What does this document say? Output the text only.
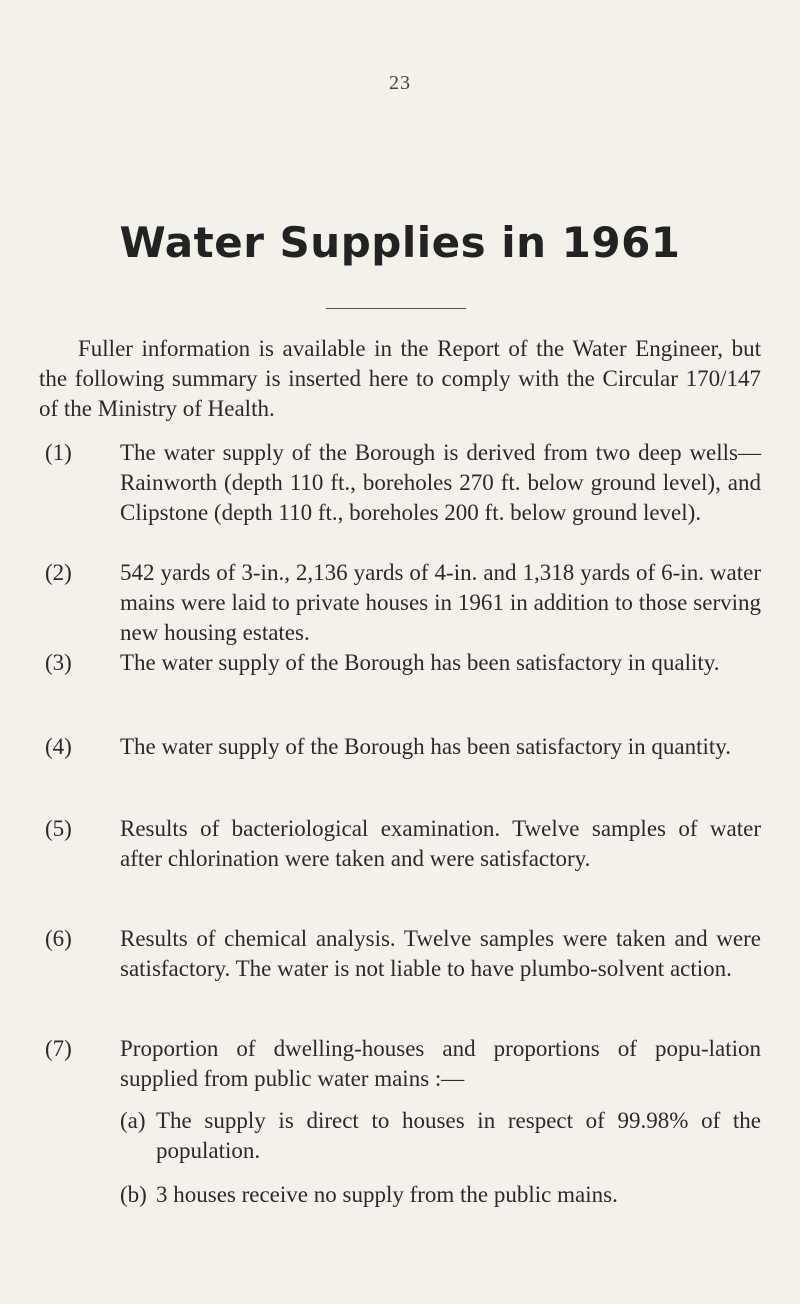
23
Water Supplies in 1961
Fuller information is available in the Report of the Water Engineer, but the following summary is inserted here to comply with the Circular 170/147 of the Ministry of Health.
(1)	The water supply of the Borough is derived from two deep wells—Rainworth (depth 110 ft., boreholes 270 ft. below ground level), and Clipstone (depth 110 ft., boreholes 200 ft. below ground level).
(2)	542 yards of 3-in., 2,136 yards of 4-in. and 1,318 yards of 6-in. water mains were laid to private houses in 1961 in addition to those serving new housing estates.
(3)	The water supply of the Borough has been satisfactory in quality.
(4)	The water supply of the Borough has been satisfactory in quantity.
(5)	Results of bacteriological examination. Twelve samples of water after chlorination were taken and were satisfactory.
(6)	Results of chemical analysis. Twelve samples were taken and were satisfactory. The water is not liable to have plumbo-solvent action.
(7)	Proportion of dwelling-houses and proportions of popu-lation supplied from public water mains :—
(a) The supply is direct to houses in respect of 99.98% of the population.
(b) 3 houses receive no supply from the public mains.
